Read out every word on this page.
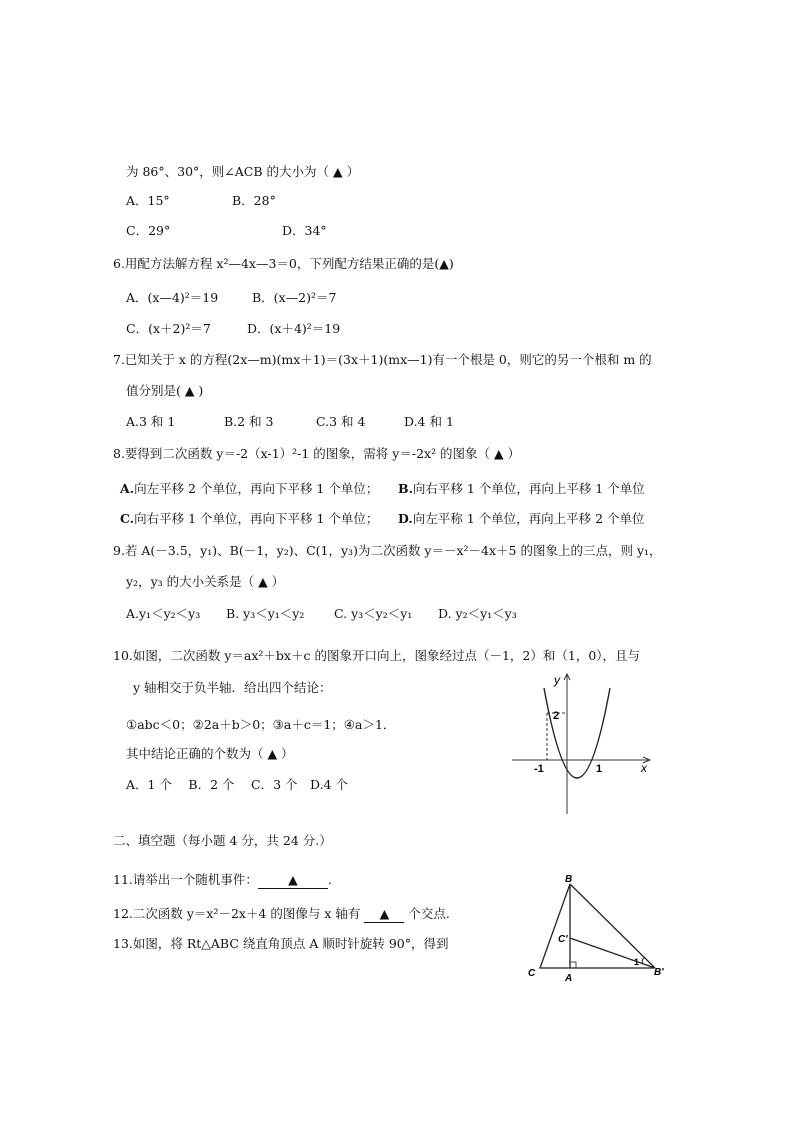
为 86°、30°，则∠ACB 的大小为（ ▲ ）
A．15°	B．28°
C．29°	D．34°
6.用配方法解方程 x²—4x—3＝0，下列配方结果正确的是(▲)
A．(x—4)²＝19	B．(x—2)²＝7
C．(x＋2)²＝7	D．(x＋4)²＝19
7.已知关于 x 的方程(2x—m)(mx＋1)＝(3x＋1)(mx—1)有一个根是 0，则它的另一个根和 m 的
值分别是( ▲ )
A.3 和 1	B.2 和 3	C.3 和 4	D.4 和 1
8.要得到二次函数 y＝-2（x-1）²-1 的图象，需将 y＝-2x² 的图象（ ▲ ）
A.向左平移 2 个单位，再向下平移 1 个单位； B.向右平移 1 个单位，再向上平移 1 个单位
C.向右平移 1 个单位，再向下平移 1 个单位； D.向左平称 1 个单位，再向上平移 2 个单位
9.若 A(－3.5，y₁)、B(－1，y₂)、C(1，y₃)为二次函数 y＝－x²－4x＋5 的图象上的三点，则 y₁，
y₂，y₃ 的大小关系是（ ▲ ）
A.y₁＜y₂＜y₃ B. y₃＜y₁＜y₂ C. y₃＜y₂＜y₁ D. y₂＜y₁＜y₃
10.如图，二次函数 y＝ax²＋bx＋c 的图象开口向上，图象经过点（－1，2）和（1，0），且与
y 轴相交于负半轴．给出四个结论：
①abc＜0；②2a＋b＞0；③a＋c＝1；④a＞1．
其中结论正确的个数为（ ▲ ）
A．1 个　 B．2 个　 C．3 个　D.4 个
y
x
2
-1	1
二、填空题（每小题 4 分，共 24 分.）
11.请举出一个随机事件： ▲ .
12.二次函数 y＝x²－2x＋4 的图像与 x 轴有 ▲ 个交点.
13.如图，将 Rt△ABC 绕直角顶点 A 顺时针旋转 90°，得到
B
C'
C	A
B'
1
